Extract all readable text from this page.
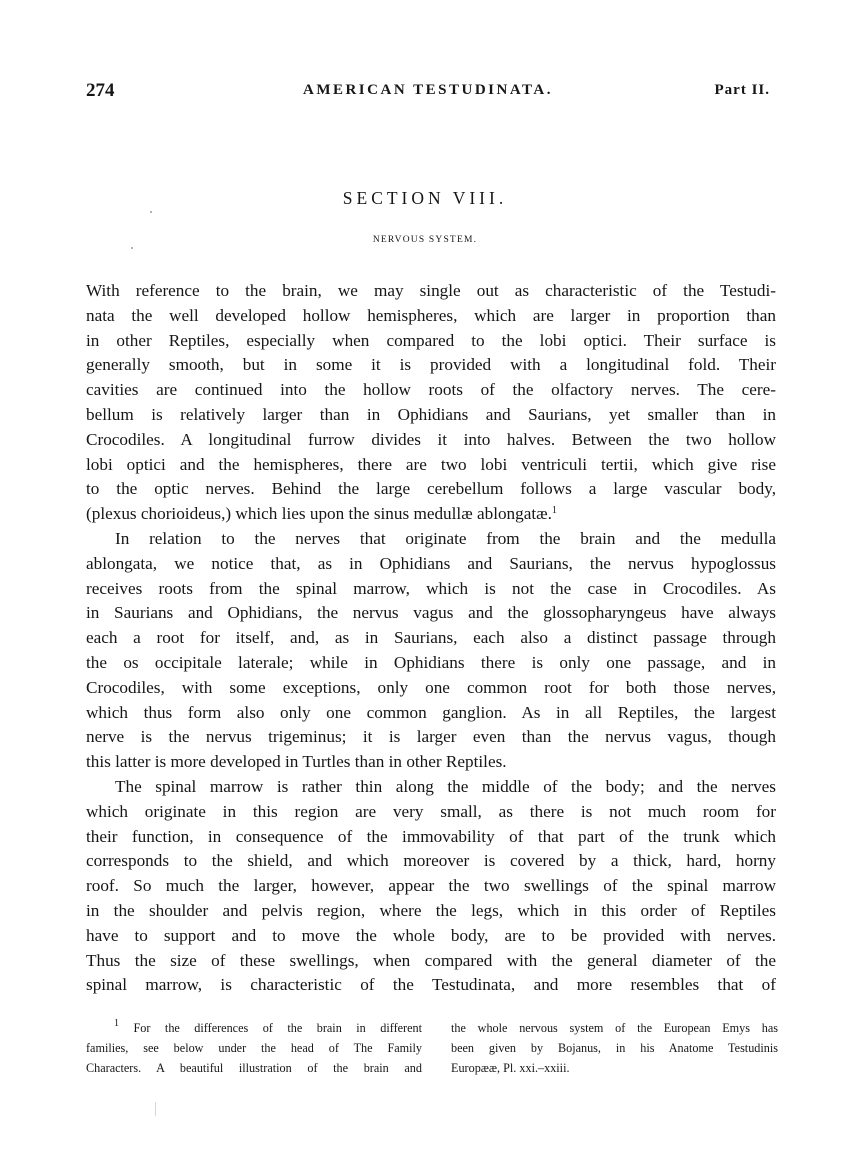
274	AMERICAN TESTUDINATA.	Part II.
SECTION VIII.
NERVOUS SYSTEM.
With reference to the brain, we may single out as characteristic of the Testudi-
nata the well developed hollow hemispheres, which are larger in proportion than
in other Reptiles, especially when compared to the lobi optici. Their surface is
generally smooth, but in some it is provided with a longitudinal fold. Their
cavities are continued into the hollow roots of the olfactory nerves. The cere-
bellum is relatively larger than in Ophidians and Saurians, yet smaller than in
Crocodiles. A longitudinal furrow divides it into halves. Between the two hollow
lobi optici and the hemispheres, there are two lobi ventriculi tertii, which give rise
to the optic nerves. Behind the large cerebellum follows a large vascular body,
(plexus chorioideus,) which lies upon the sinus medullæ ablongatæ.$^1$
In relation to the nerves that originate from the brain and the medulla
ablongata, we notice that, as in Ophidians and Saurians, the nervus hypoglossus
receives roots from the spinal marrow, which is not the case in Crocodiles. As
in Saurians and Ophidians, the nervus vagus and the glossopharyngeus have always
each a root for itself, and, as in Saurians, each also a distinct passage through
the os occipitale laterale; while in Ophidians there is only one passage, and in
Crocodiles, with some exceptions, only one common root for both those nerves,
which thus form also only one common ganglion. As in all Reptiles, the largest
nerve is the nervus trigeminus; it is larger even than the nervus vagus, though
this latter is more developed in Turtles than in other Reptiles.
The spinal marrow is rather thin along the middle of the body; and the nerves
which originate in this region are very small, as there is not much room for
their function, in consequence of the immovability of that part of the trunk which
corresponds to the shield, and which moreover is covered by a thick, hard, horny
roof. So much the larger, however, appear the two swellings of the spinal marrow
in the shoulder and pelvis region, where the legs, which in this order of Reptiles
have to support and to move the whole body, are to be provided with nerves.
Thus the size of these swellings, when compared with the general diameter of the
spinal marrow, is characteristic of the Testudinata, and more resembles that of
$^1$ For the differences of the brain in different
families, see below under the head of The Family
Characters. A beautiful illustration of the brain and
the whole nervous system of the European Emys has
been given by Bojanus, in his Anatome Testudinis
Europææ, Pl. xxi.–xxiii.
